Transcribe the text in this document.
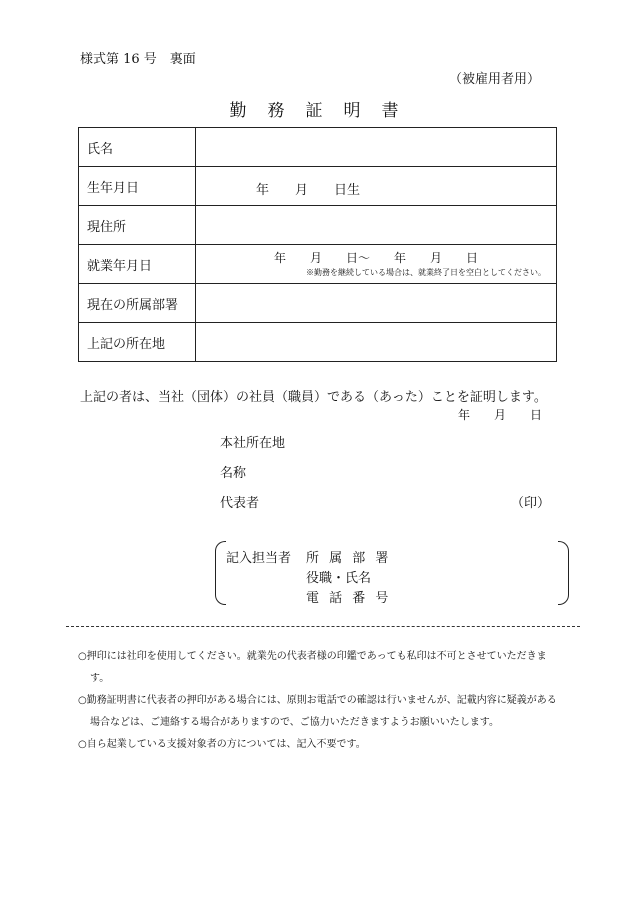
様式第 16 号　裏面
（被雇用者用）
勤　務　証　明　書
氏名	
生年月日	年　　月　　日生

現住所	
就業年月日	年　　月　　日～　　年　　月　　日
※勤務を継続している場合は、就業終了日を空白としてください。

現在の所属部署	
上記の所在地	
上記の者は、当社（団体）の社員（職員）である（あった）ことを証明します。
年　　月　　日
本社所在地
名称
代表者	（印）
記入担当者 所 属 部 署
役職・氏名
電 話 番 号
○押印には社印を使用してください。就業先の代表者様の印鑑であっても私印は不可とさせていただきます。
○勤務証明書に代表者の押印がある場合には、原則お電話での確認は行いませんが、記載内容に疑義がある場合などは、ご連絡する場合がありますので、ご協力いただきますようお願いいたします。
○自ら起業している支援対象者の方については、記入不要です。
